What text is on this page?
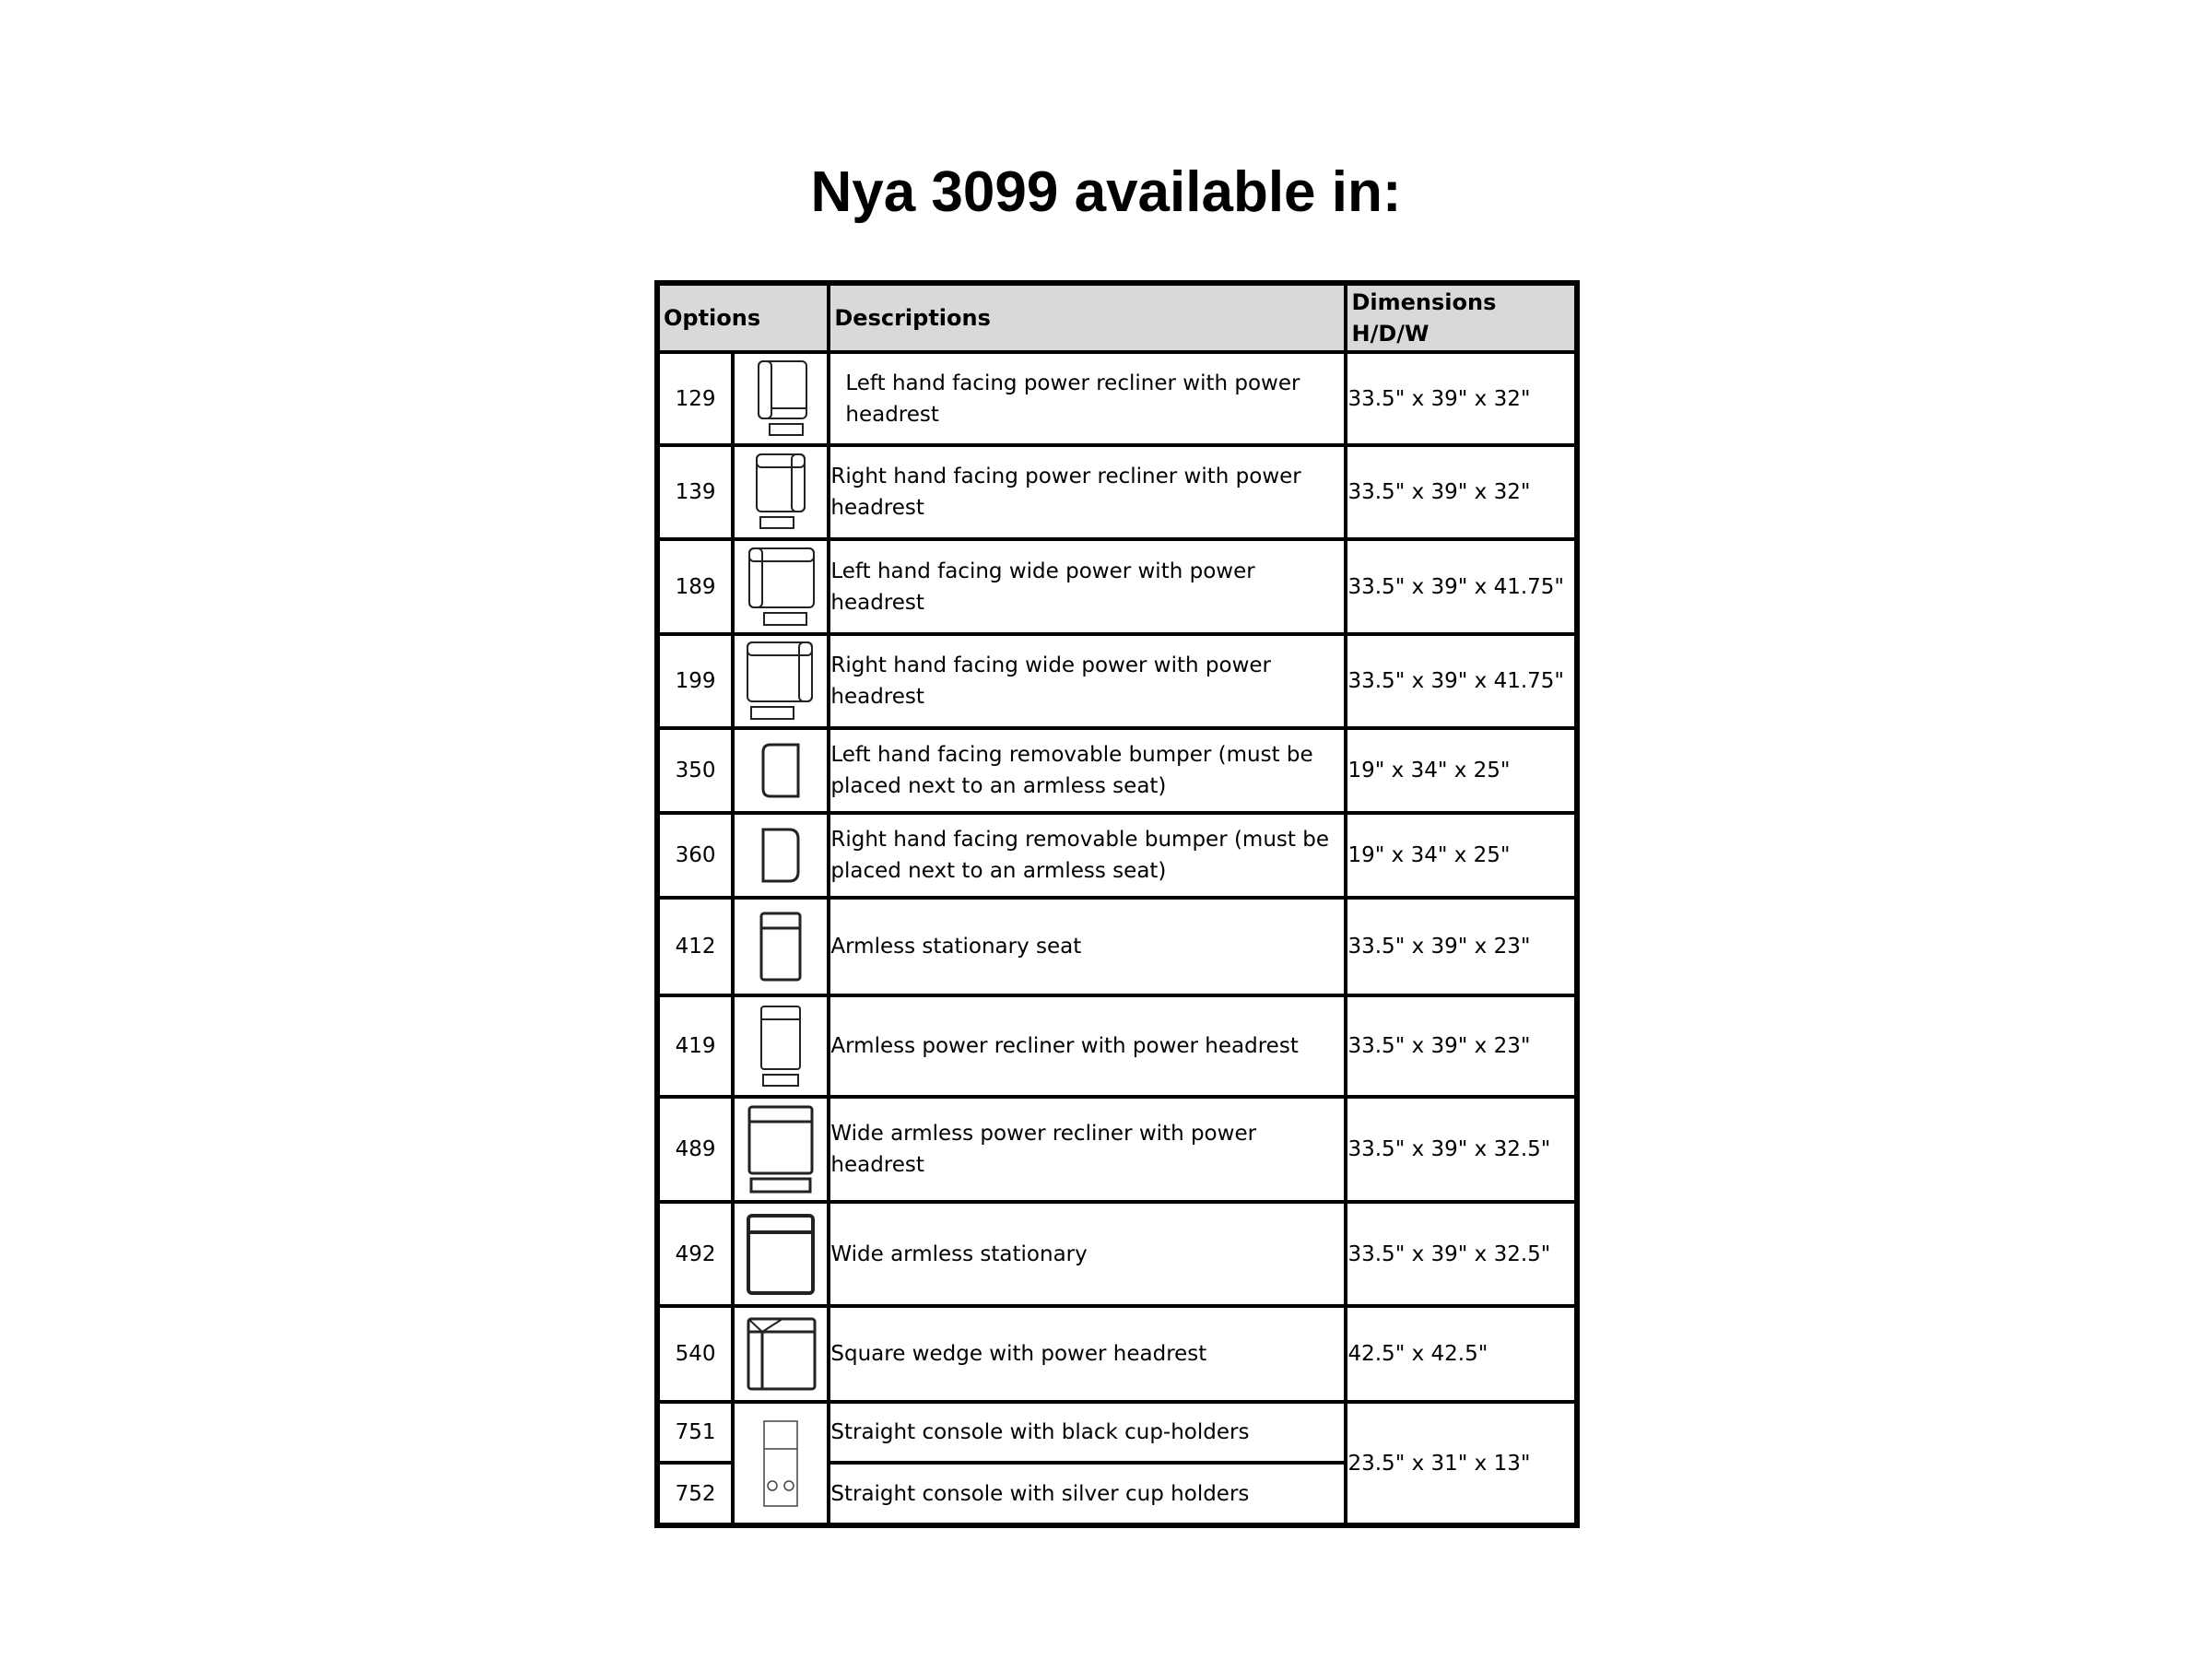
Nya 3099 available in:
Options		Descriptions	Dimensions
H/D/W
129		Left hand facing power recliner with power headrest	33.5" x 39" x 32"
139		Right hand facing power recliner with power headrest	33.5" x 39" x 32"
189		Left hand facing wide power with power headrest	33.5" x 39" x 41.75"
199		Right hand facing wide power with power headrest	33.5" x 39" x 41.75"
350		Left hand facing removable bumper (must be placed next to an armless seat)	19" x 34" x 25"
360		Right hand facing removable bumper (must be placed next to an armless seat)	19" x 34" x 25"
412		Armless stationary seat	33.5" x 39" x 23"
419		Armless power recliner with power headrest	33.5" x 39" x 23"
489		Wide armless power recliner with power headrest	33.5" x 39" x 32.5"
492		Wide armless stationary	33.5" x 39" x 32.5"
540		Square wedge with power headrest	42.5" x 42.5"
751		Straight console with black cup-holders	23.5" x 31" x 13"
752		Straight console with silver cup holders	
